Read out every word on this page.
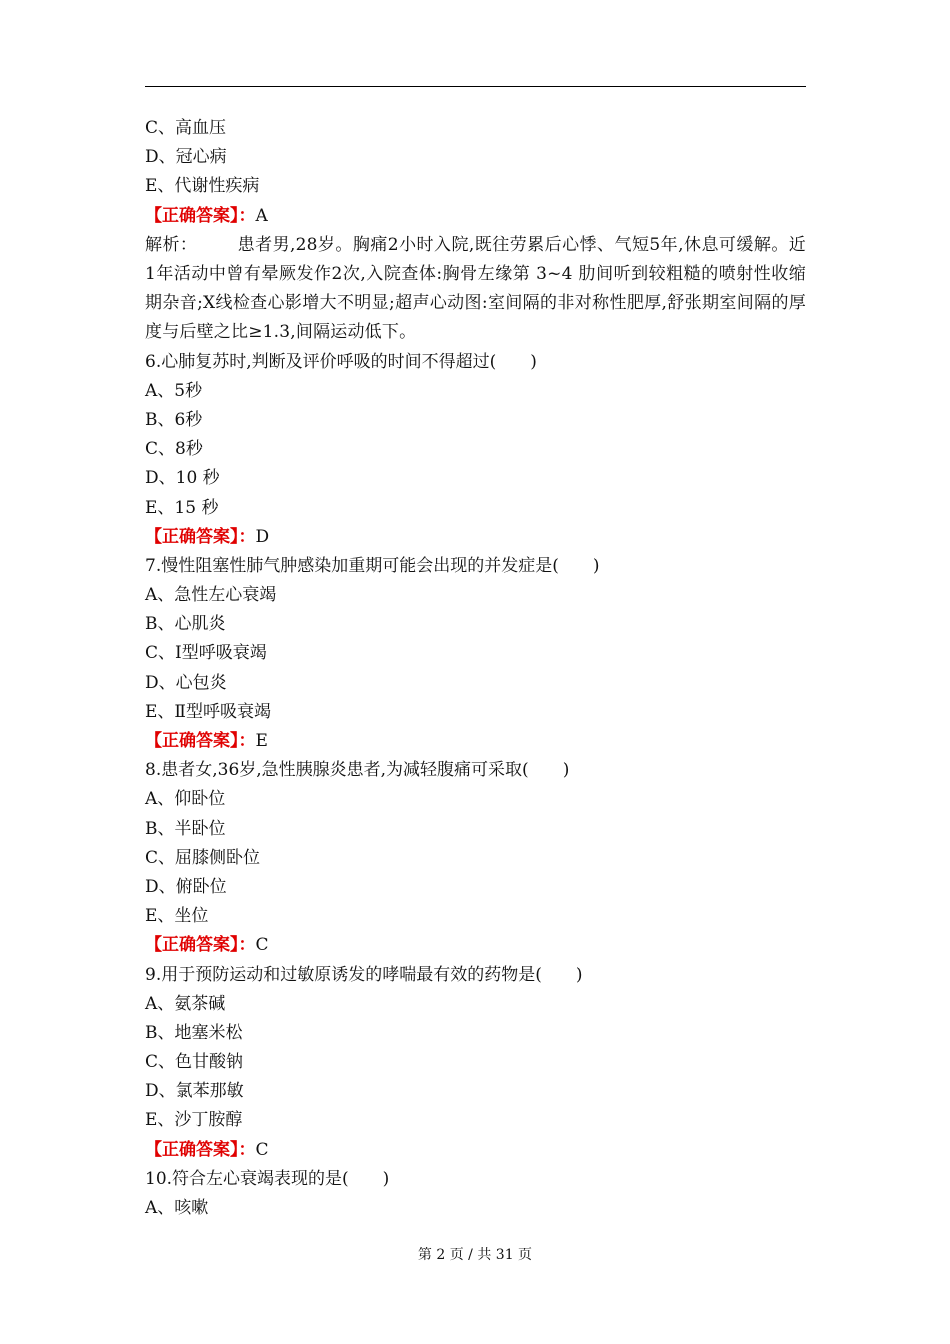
C、高血压
D、冠心病
E、代谢性疾病
【正确答案】：A
解析： 患者男,28岁。胸痛2小时入院,既往劳累后心悸、气短5年,休息可缓解。近1年活动中曾有晕厥发作2次,入院查体:胸骨左缘第 3~4 肋间听到较粗糙的喷射性收缩期杂音;X线检查心影增大不明显;超声心动图:室间隔的非对称性肥厚,舒张期室间隔的厚度与后壁之比≥1.3,间隔运动低下。
6.心肺复苏时,判断及评价呼吸的时间不得超过(　　)
A、5秒
B、6秒
C、8秒
D、10 秒
E、15 秒
【正确答案】：D
7.慢性阻塞性肺气肿感染加重期可能会出现的并发症是(　　)
A、急性左心衰竭
B、心肌炎
C、I型呼吸衰竭
D、心包炎
E、Ⅱ型呼吸衰竭
【正确答案】：E
8.患者女,36岁,急性胰腺炎患者,为减轻腹痛可采取(　　)
A、仰卧位
B、半卧位
C、屈膝侧卧位
D、俯卧位
E、坐位
【正确答案】：C
9.用于预防运动和过敏原诱发的哮喘最有效的药物是(　　)
A、氨茶碱
B、地塞米松
C、色甘酸钠
D、氯苯那敏
E、沙丁胺醇
【正确答案】：C
10.符合左心衰竭表现的是(　　)
A、咳嗽
第 2 页 / 共 31 页
